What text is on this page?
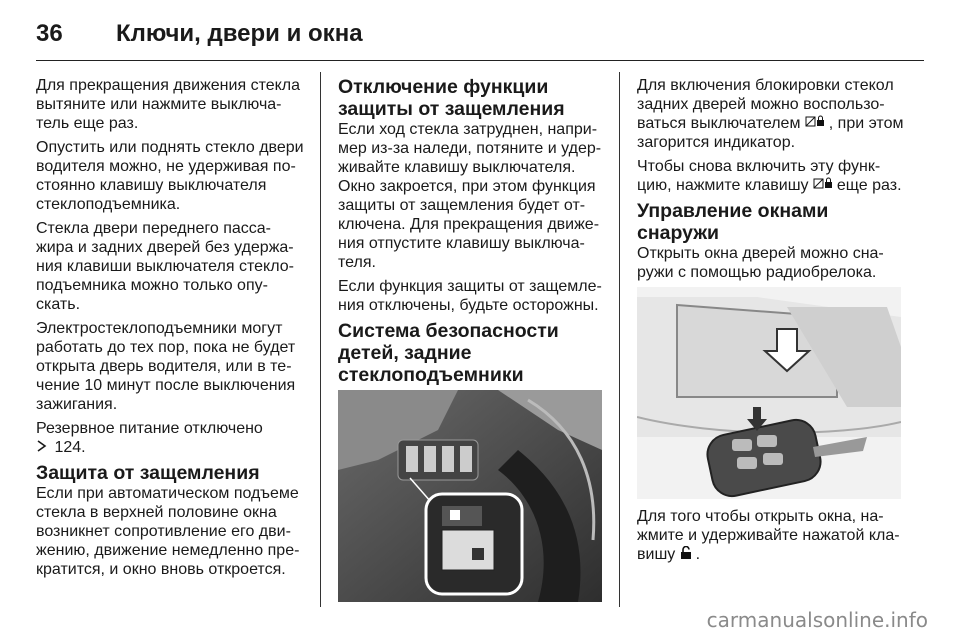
36	Ключи, двери и окна

Для прекращения движения стекла вытяните или нажмите выключа-тель еще раз.

Опустить или поднять стекло двери водителя можно, не удерживая по-стоянно клавишу выключателя стеклоподъемника.

Стекла двери переднего пасса-жира и задних дверей без удержа-ния клавиши выключателя стекло-подъемника можно только опу-скать.

Электростеклоподъемники могут работать до тех пор, пока не будет открыта дверь водителя, или в те-чение 10 минут после выключения зажигания.

Резервное питание отключено
124.

Защита от защемления

Если при автоматическом подъеме стекла в верхней половине окна возникнет сопротивление его дви-жению, движение немедленно пре-кратится, и окно вновь откроется.

Отключение функции защиты от защемления

Если ход стекла затруднен, напри-мер из-за наледи, потяните и удер-живайте клавишу выключателя. Окно закроется, при этом функция защиты от защемления будет от-ключена. Для прекращения движе-ния отпустите клавишу выключа-теля.

Если функция защиты от защемле-ния отключены, будьте осторожны.

Система безопасности детей, задние стеклоподъемники

Для включения блокировки стекол задних дверей можно воспользо-ваться выключателем , при этом загорится индикатор.

Чтобы снова включить эту функ-цию, нажмите клавишу еще раз.

Управление окнами снаружи

Открыть окна дверей можно сна-ружи с помощью радиобрелока.

Для того чтобы открыть окна, на-жмите и удерживайте нажатой кла-вишу .

carmanualsonline.info
